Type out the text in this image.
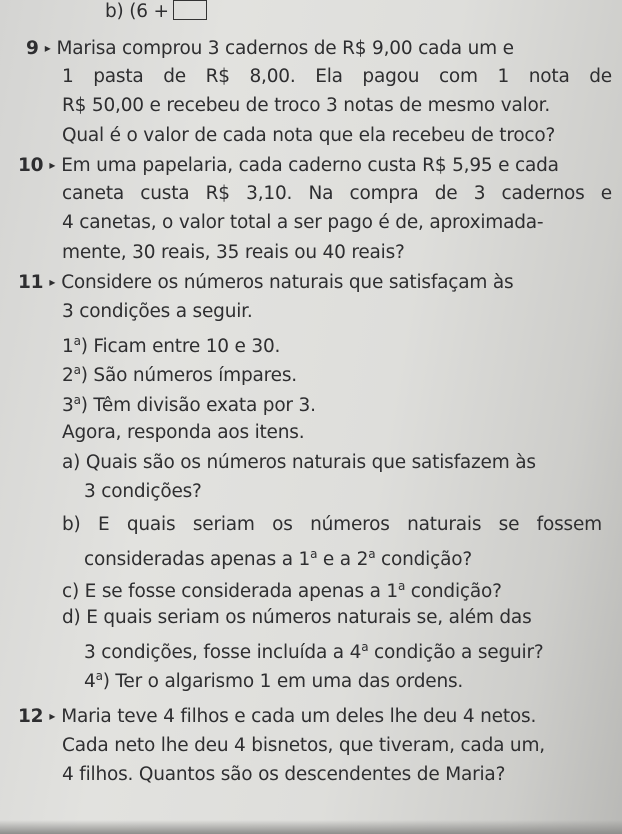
b) (6 +
9 ▸ Marisa comprou 3 cadernos de R$ 9,00 cada um e
1 pasta de R$ 8,00. Ela pagou com 1 nota de
R$ 50,00 e recebeu de troco 3 notas de mesmo valor.
Qual é o valor de cada nota que ela recebeu de troco?
10 ▸ Em uma papelaria, cada caderno custa R$ 5,95 e cada
caneta custa R$ 3,10. Na compra de 3 cadernos e
4 canetas, o valor total a ser pago é de, aproximada-
mente, 30 reais, 35 reais ou 40 reais?
11 ▸ Considere os números naturais que satisfaçam às
3 condições a seguir.
1$^a$) Ficam entre 10 e 30.
2$^a$) São números ímpares.
3$^a$) Têm divisão exata por 3.
Agora, responda aos itens.
a) Quais são os números naturais que satisfazem às
3 condições?
b) E quais seriam os números naturais se fossem
consideradas apenas a 1$^a$ e a 2$^a$ condição?
c) E se fosse considerada apenas a 1$^a$ condição?
d) E quais seriam os números naturais se, além das
3 condições, fosse incluída a 4$^a$ condição a seguir?
4$^a$) Ter o algarismo 1 em uma das ordens.
12 ▸ Maria teve 4 filhos e cada um deles lhe deu 4 netos.
Cada neto lhe deu 4 bisnetos, que tiveram, cada um,
4 filhos. Quantos são os descendentes de Maria?
